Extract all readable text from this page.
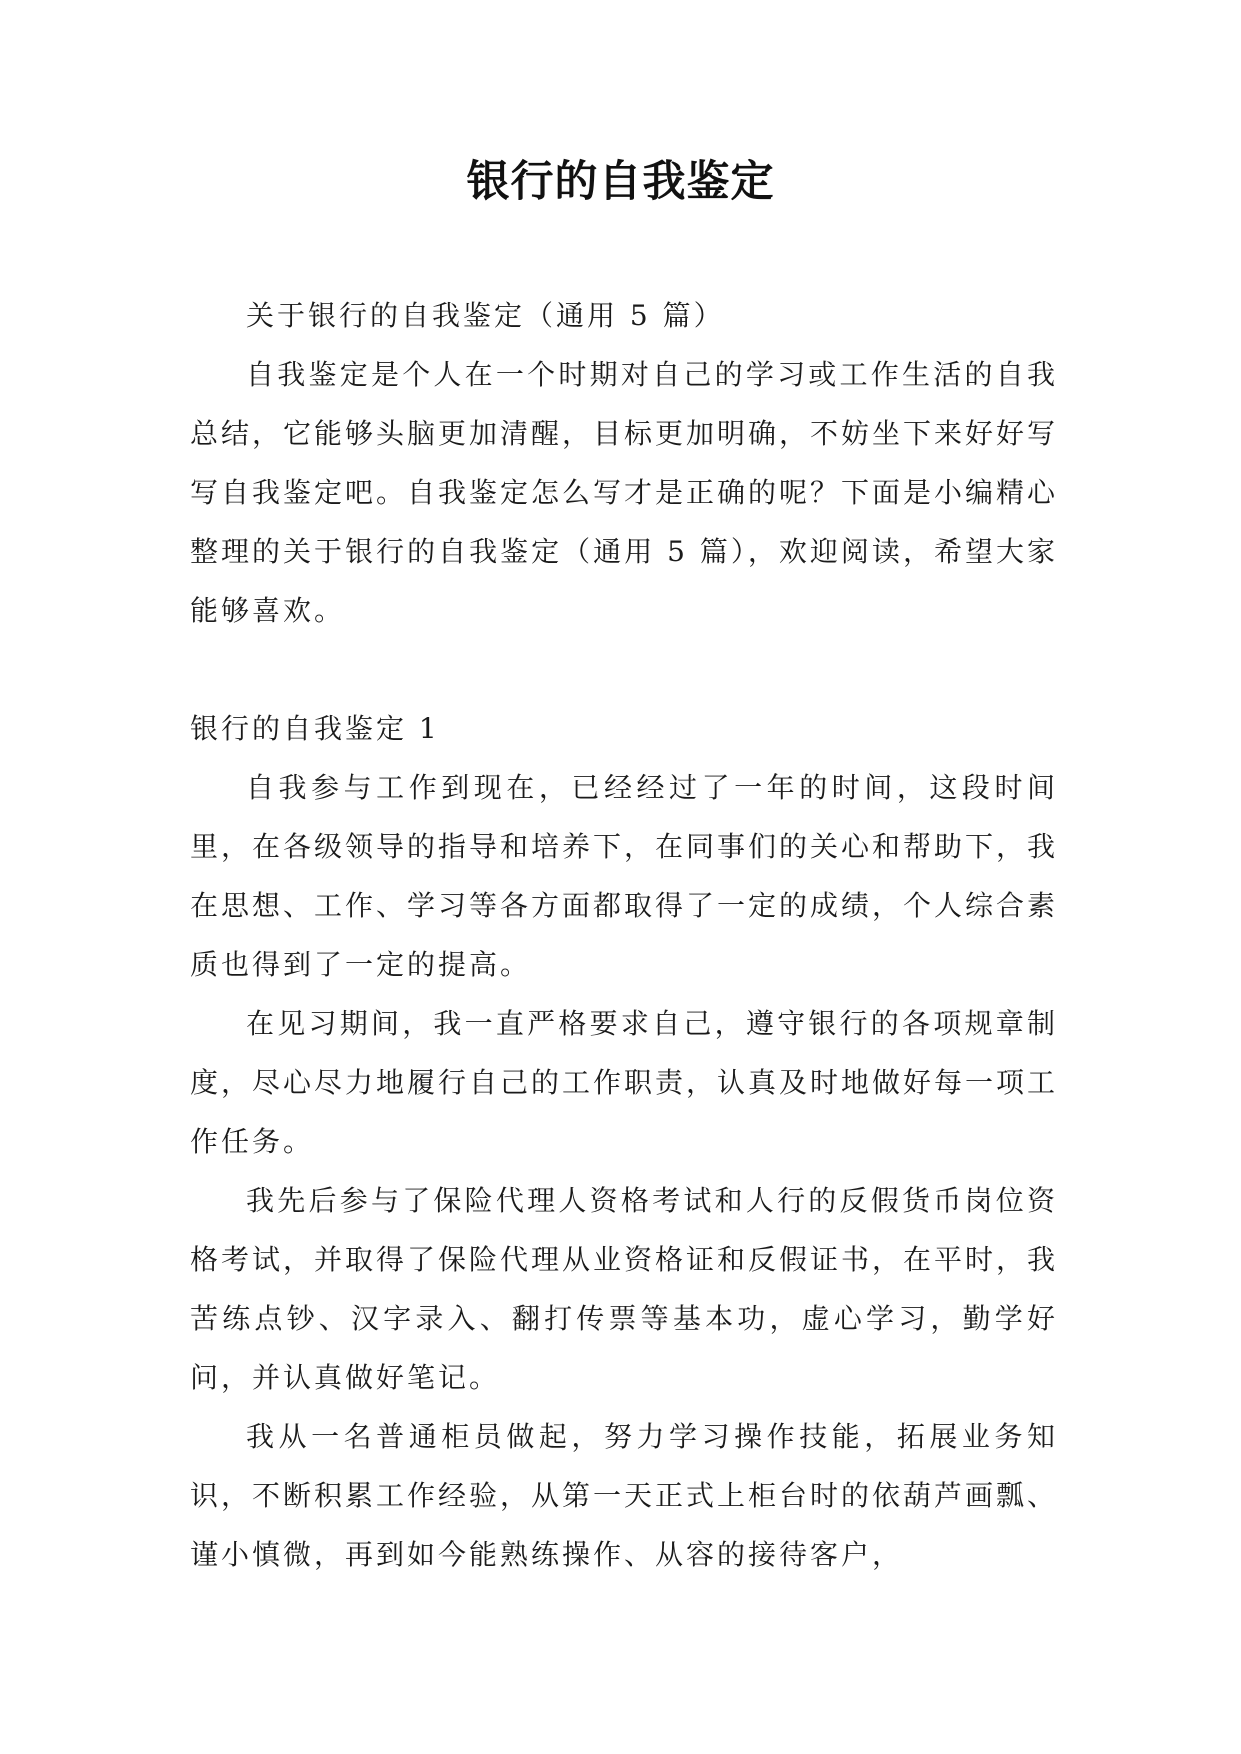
银行的自我鉴定

关于银行的自我鉴定（通用 5 篇）

自我鉴定是个人在一个时期对自己的学习或工作生活的自我总结，它能够头脑更加清醒，目标更加明确，不妨坐下来好好写写自我鉴定吧。自我鉴定怎么写才是正确的呢？下面是小编精心整理的关于银行的自我鉴定（通用 5 篇），欢迎阅读，希望大家能够喜欢。

银行的自我鉴定 1

自我参与工作到现在，已经经过了一年的时间，这段时间里，在各级领导的指导和培养下，在同事们的关心和帮助下，我在思想、工作、学习等各方面都取得了一定的成绩，个人综合素质也得到了一定的提高。

在见习期间，我一直严格要求自己，遵守银行的各项规章制度，尽心尽力地履行自己的工作职责，认真及时地做好每一项工作任务。

我先后参与了保险代理人资格考试和人行的反假货币岗位资格考试，并取得了保险代理从业资格证和反假证书，在平时，我苦练点钞、汉字录入、翻打传票等基本功，虚心学习，勤学好问，并认真做好笔记。

我从一名普通柜员做起，努力学习操作技能，拓展业务知识，不断积累工作经验，从第一天正式上柜台时的依葫芦画瓢、谨小慎微，再到如今能熟练操作、从容的接待客户，
